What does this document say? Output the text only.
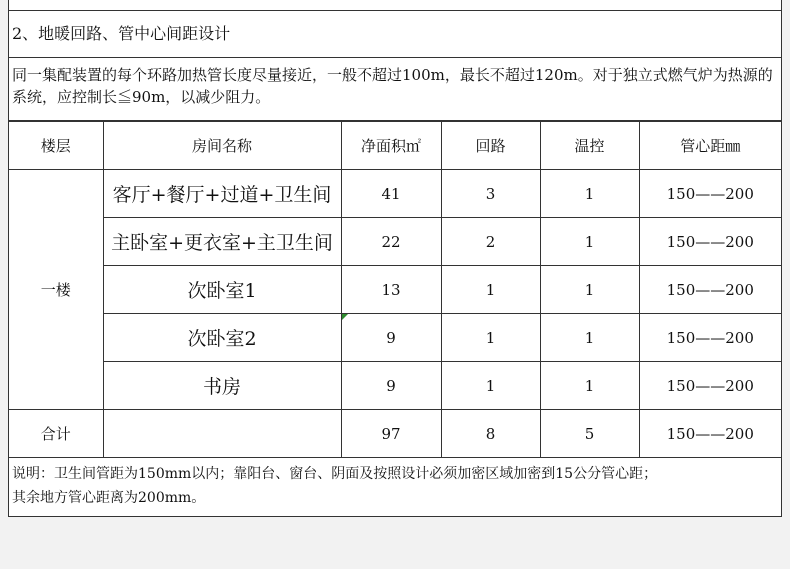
2、地暖回路、管中心间距设计
同一集配装置的每个环路加热管长度尽量接近，一般不超过100m，最长不超过120m。对于独立式燃气炉为热源的系统，应控制长≦90m，以减少阻力。
楼层	房间名称	净面积㎡	回路	温控	管心距㎜
一楼	客厅+餐厅+过道+卫生间	41	3	1	150——200
	主卧室+更衣室+主卫生间	22	2	1	150——200
	次卧室1	13	1	1	150——200
	次卧室2	9	1	1	150——200
	书房	9	1	1	150——200
合计		97	8	5	150——200
说明：卫生间管距为150mm以内；靠阳台、窗台、阴面及按照设计必须加密区域加密到15公分管心距；
其余地方管心距离为200mm。
